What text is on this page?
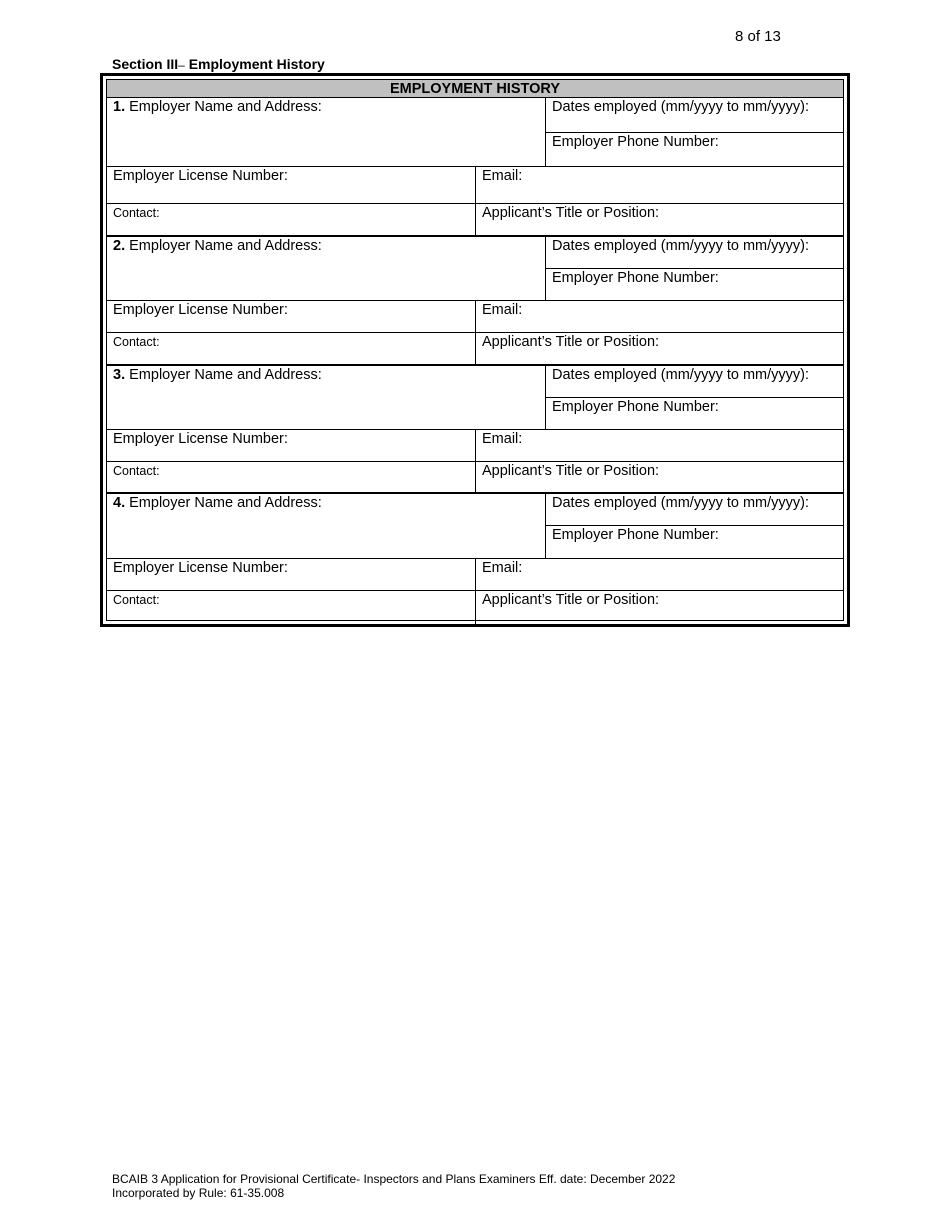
8 of 13
Section III– Employment History
EMPLOYMENT HISTORY
1. Employer Name and Address:	Dates employed (mm/yyyy to mm/yyyy):
Employer Phone Number:
Employer License Number:	Email:
Contact:	Applicant’s Title or Position:
2. Employer Name and Address:	Dates employed (mm/yyyy to mm/yyyy):
Employer Phone Number:
Employer License Number:	Email:
Contact:	Applicant’s Title or Position:
3. Employer Name and Address:	Dates employed (mm/yyyy to mm/yyyy):
Employer Phone Number:
Employer License Number:	Email:
Contact:	Applicant’s Title or Position:
4. Employer Name and Address:	Dates employed (mm/yyyy to mm/yyyy):
Employer Phone Number:
Employer License Number:	Email:
Contact:	Applicant’s Title or Position:
BCAIB 3 Application for Provisional Certificate- Inspectors and Plans Examiners Eff. date: December 2022
Incorporated by Rule: 61-35.008
